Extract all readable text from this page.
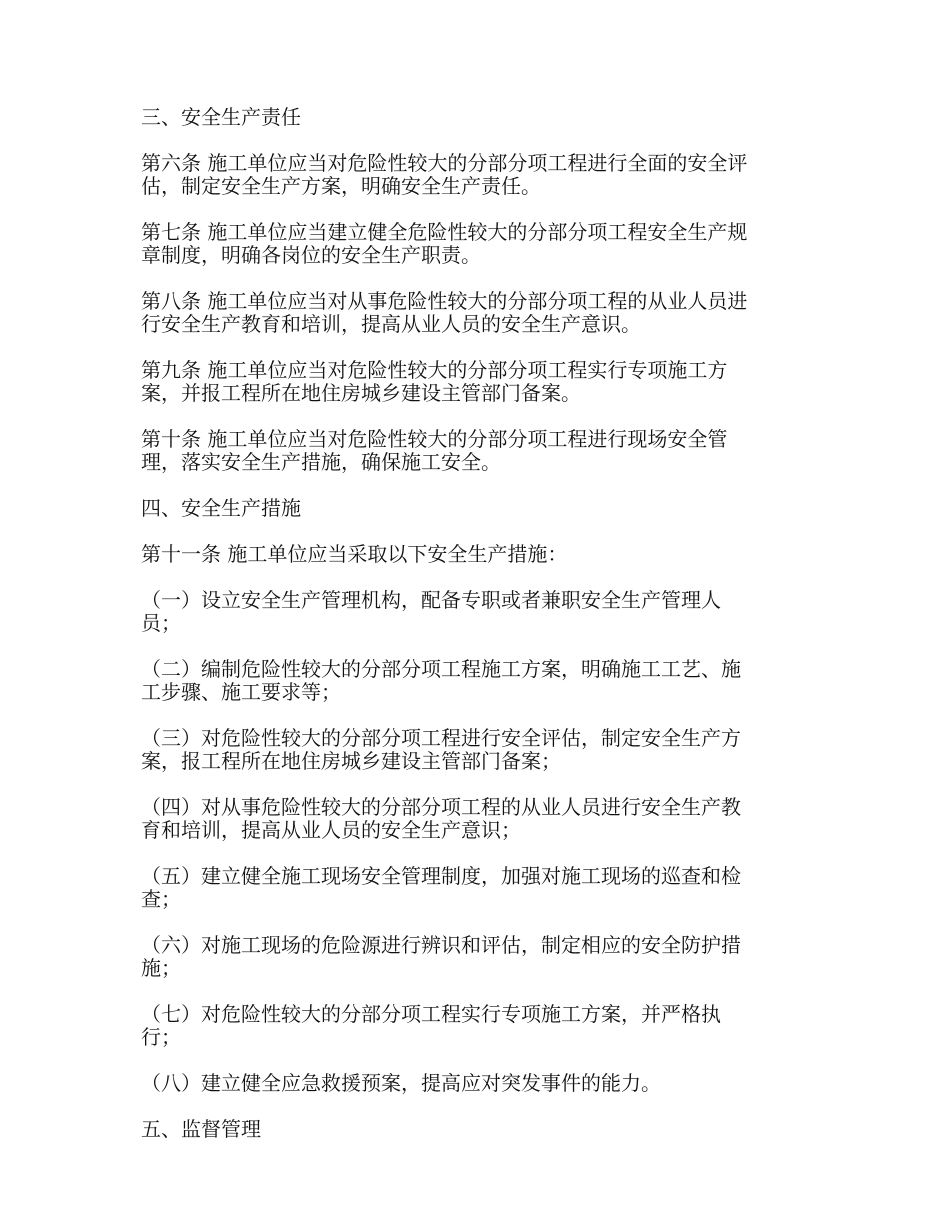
三、安全生产责任
第六条 施工单位应当对危险性较大的分部分项工程进行全面的安全评
估，制定安全生产方案，明确安全生产责任。
第七条 施工单位应当建立健全危险性较大的分部分项工程安全生产规
章制度，明确各岗位的安全生产职责。
第八条 施工单位应当对从事危险性较大的分部分项工程的从业人员进
行安全生产教育和培训，提高从业人员的安全生产意识。
第九条 施工单位应当对危险性较大的分部分项工程实行专项施工方
案，并报工程所在地住房城乡建设主管部门备案。
第十条 施工单位应当对危险性较大的分部分项工程进行现场安全管
理，落实安全生产措施，确保施工安全。
四、安全生产措施
第十一条 施工单位应当采取以下安全生产措施：
（一）设立安全生产管理机构，配备专职或者兼职安全生产管理人
员；
（二）编制危险性较大的分部分项工程施工方案，明确施工工艺、施
工步骤、施工要求等；
（三）对危险性较大的分部分项工程进行安全评估，制定安全生产方
案，报工程所在地住房城乡建设主管部门备案；
（四）对从事危险性较大的分部分项工程的从业人员进行安全生产教
育和培训，提高从业人员的安全生产意识；
（五）建立健全施工现场安全管理制度，加强对施工现场的巡查和检
查；
（六）对施工现场的危险源进行辨识和评估，制定相应的安全防护措
施；
（七）对危险性较大的分部分项工程实行专项施工方案，并严格执
行；
（八）建立健全应急救援预案，提高应对突发事件的能力。
五、监督管理
